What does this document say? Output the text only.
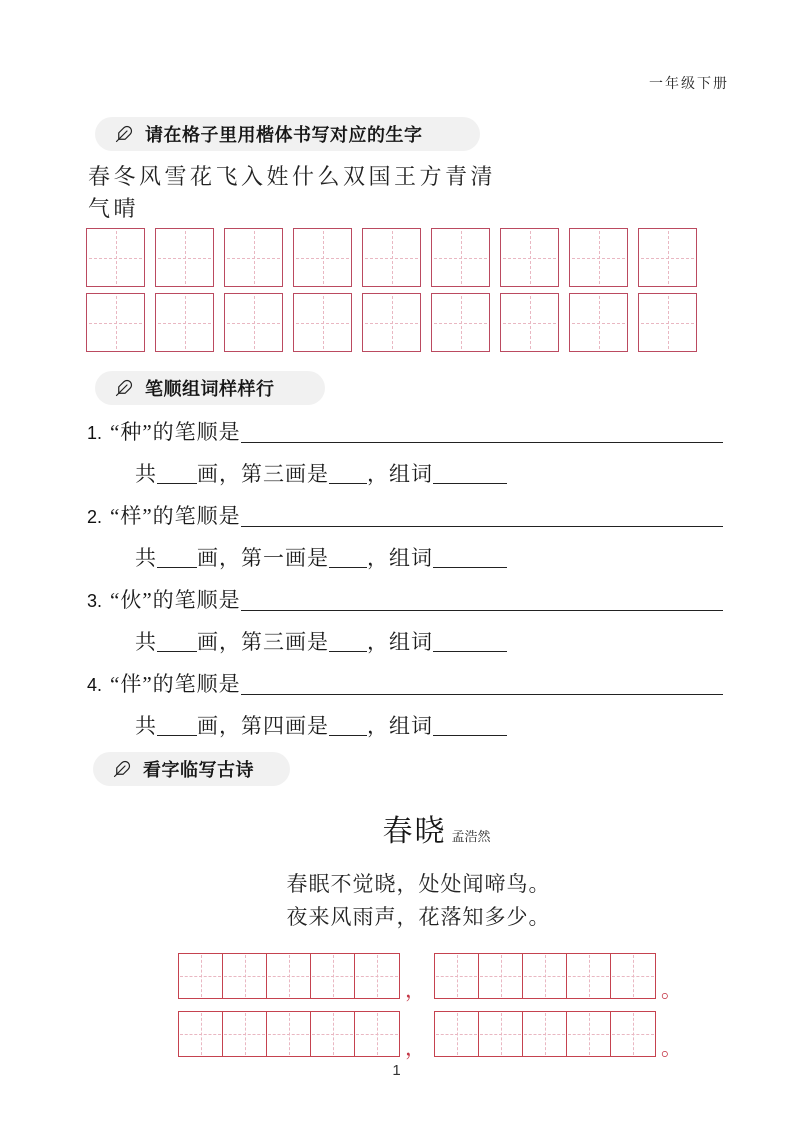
一年级下册
请在格子里用楷体书写对应的生字
春 冬 风 雪 花 飞 入 姓 什 么 双 国 王 方 青 清
气 晴
笔顺组词样样行
1. “种” 的笔顺是
共 画，第三画是 ，组词
2. “样” 的笔顺是
共 画，第一画是 ，组词
3. “伙” 的笔顺是
共 画，第三画是 ，组词
4. “伴” 的笔顺是
共 画，第四画是 ，组词
看字临写古诗
春晓 孟浩然
春眠不觉晓，处处闻啼鸟。
夜来风雨声，花落知多少。
，	。
，	。
1
